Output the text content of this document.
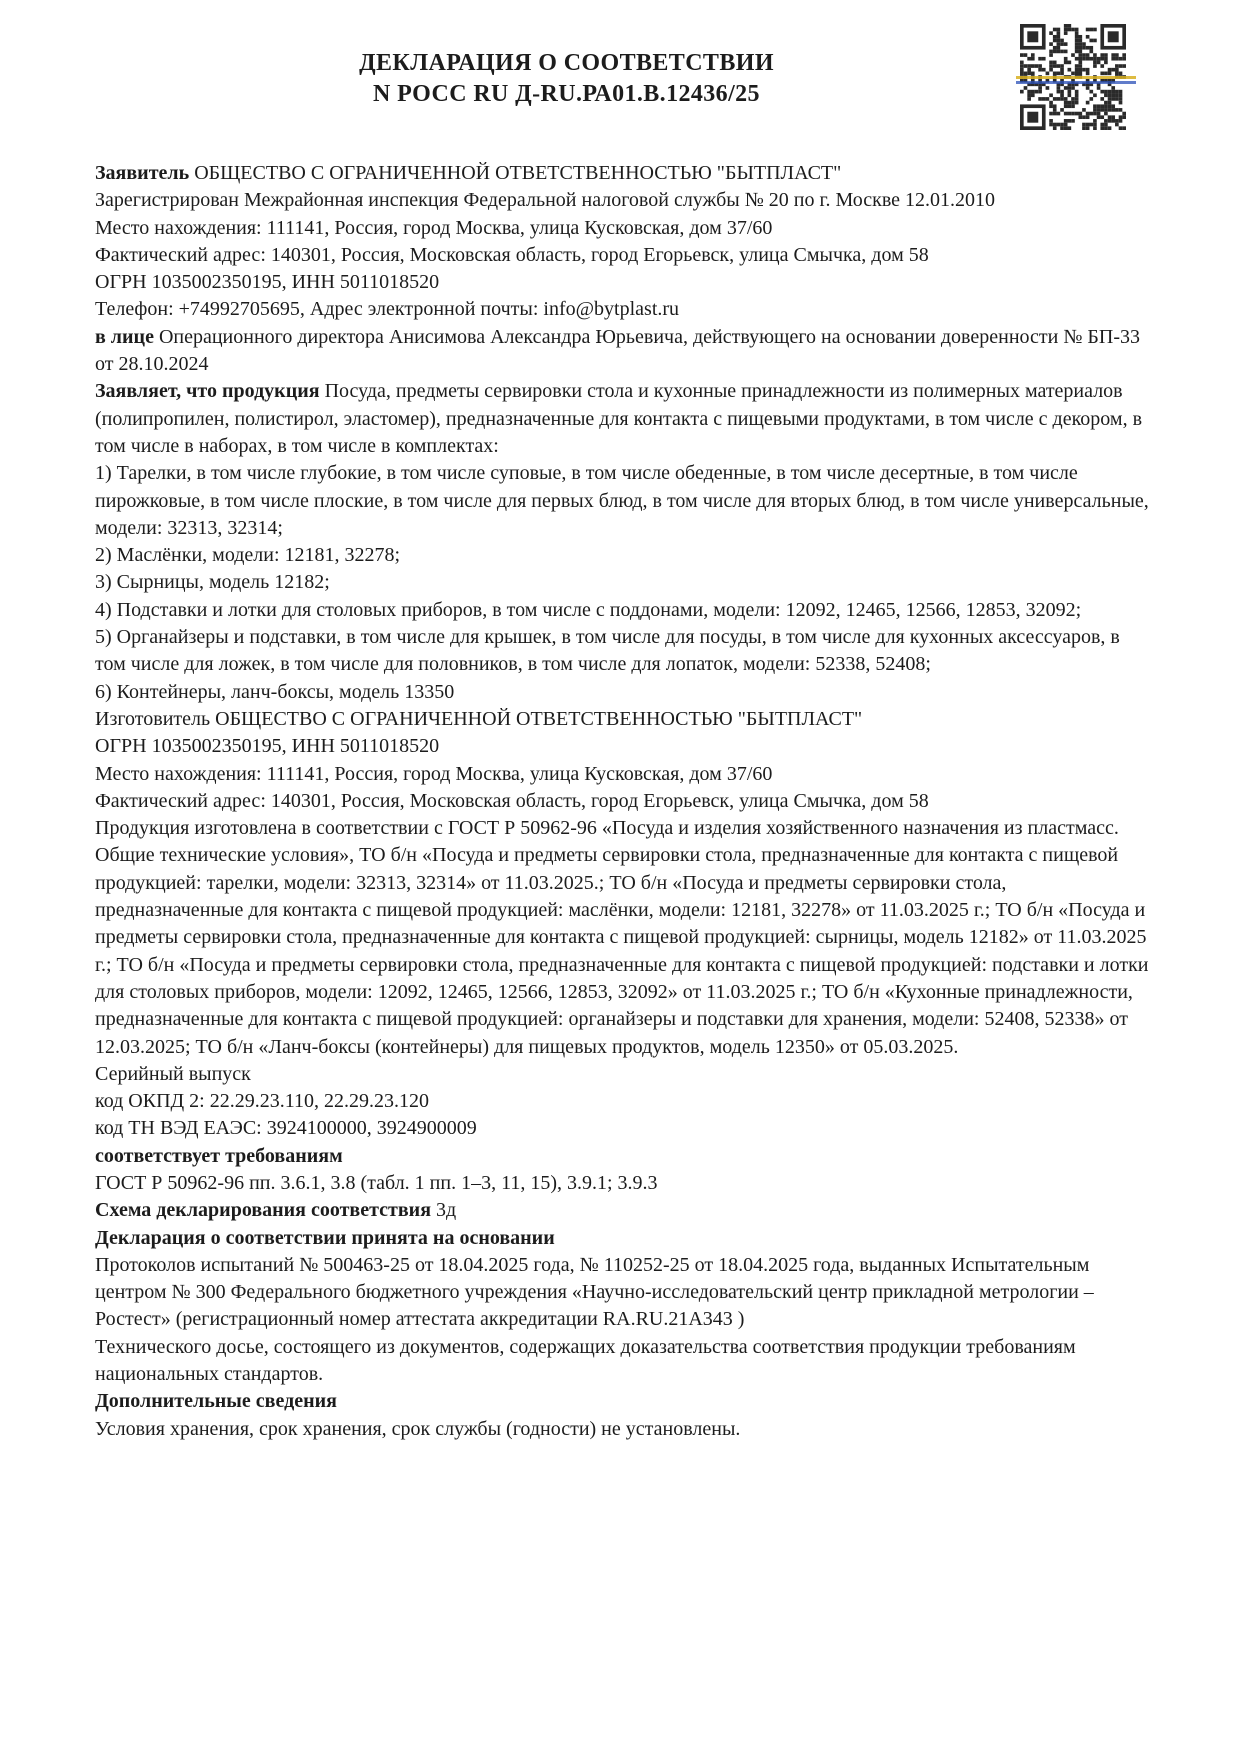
ДЕКЛАРАЦИЯ О СООТВЕТСТВИИ
N РОСС RU Д-RU.РА01.В.12436/25

Заявитель ОБЩЕСТВО С ОГРАНИЧЕННОЙ ОТВЕТСТВЕННОСТЬЮ "БЫТПЛАСТ"

Зарегистрирован Межрайонная инспекция Федеральной налоговой службы № 20 по г. Москве 12.01.2010

Место нахождения: 111141, Россия, город Москва, улица Кусковская, дом 37/60

Фактический адрес: 140301, Россия, Московская область, город Егорьевск, улица Смычка, дом 58

ОГРН 1035002350195, ИНН 5011018520

Телефон: +74992705695, Адрес электронной почты: info@bytplast.ru

в лице Операционного директора Анисимова Александра Юрьевича, действующего на основании доверенности № БП-33 от 28.10.2024

Заявляет, что продукция Посуда, предметы сервировки стола и кухонные принадлежности из полимерных материалов (полипропилен, полистирол, эластомер), предназначенные для контакта с пищевыми продуктами, в том числе с декором, в том числе в наборах, в том числе в комплектах:

1) Тарелки, в том числе глубокие, в том числе суповые, в том числе обеденные, в том числе десертные, в том числе пирожковые, в том числе плоские, в том числе для первых блюд, в том числе для вторых блюд, в том числе универсальные, модели: 32313, 32314;

2) Маслёнки, модели: 12181, 32278;

3) Сырницы, модель 12182;

4) Подставки и лотки для столовых приборов, в том числе с поддонами, модели: 12092, 12465, 12566, 12853, 32092;

5) Органайзеры и подставки, в том числе для крышек, в том числе для посуды, в том числе для кухонных аксессуаров, в том числе для ложек, в том числе для половников, в том числе для лопаток, модели: 52338, 52408;

6) Контейнеры, ланч-боксы, модель 13350

Изготовитель ОБЩЕСТВО С ОГРАНИЧЕННОЙ ОТВЕТСТВЕННОСТЬЮ "БЫТПЛАСТ"

ОГРН 1035002350195, ИНН 5011018520

Место нахождения: 111141, Россия, город Москва, улица Кусковская, дом 37/60

Фактический адрес: 140301, Россия, Московская область, город Егорьевск, улица Смычка, дом 58

Продукция изготовлена в соответствии с ГОСТ Р 50962-96 «Посуда и изделия хозяйственного назначения из пластмасс. Общие технические условия», ТО б/н «Посуда и предметы сервировки стола, предназначенные для контакта с пищевой продукцией: тарелки, модели: 32313, 32314» от 11.03.2025.; ТО б/н «Посуда и предметы сервировки стола, предназначенные для контакта с пищевой продукцией: маслёнки, модели: 12181, 32278» от 11.03.2025 г.; ТО б/н «Посуда и предметы сервировки стола, предназначенные для контакта с пищевой продукцией: сырницы, модель 12182» от 11.03.2025 г.; ТО б/н «Посуда и предметы сервировки стола, предназначенные для контакта с пищевой продукцией: подставки и лотки для столовых приборов, модели: 12092, 12465, 12566, 12853, 32092» от 11.03.2025 г.; ТО б/н «Кухонные принадлежности, предназначенные для контакта с пищевой продукцией: органайзеры и подставки для хранения, модели: 52408, 52338» от 12.03.2025; ТО б/н «Ланч-боксы (контейнеры) для пищевых продуктов, модель 12350» от 05.03.2025.

Серийный выпуск

код ОКПД 2: 22.29.23.110, 22.29.23.120

код ТН ВЭД ЕАЭС: 3924100000, 3924900009

соответствует требованиям

ГОСТ Р 50962-96 пп. 3.6.1, 3.8 (табл. 1 пп. 1–3, 11, 15), 3.9.1; 3.9.3

Схема декларирования соответствия 3д

Декларация о соответствии принята на основании

Протоколов испытаний № 500463-25 от 18.04.2025 года, № 110252-25 от 18.04.2025 года, выданных Испытательным центром № 300 Федерального бюджетного учреждения «Научно-исследовательский центр прикладной метрологии – Ростест» (регистрационный номер аттестата аккредитации RA.RU.21А343 )

Технического досье, состоящего из документов, содержащих доказательства соответствия продукции требованиям национальных стандартов.

Дополнительные сведения

Условия хранения, срок хранения, срок службы (годности) не установлены.
